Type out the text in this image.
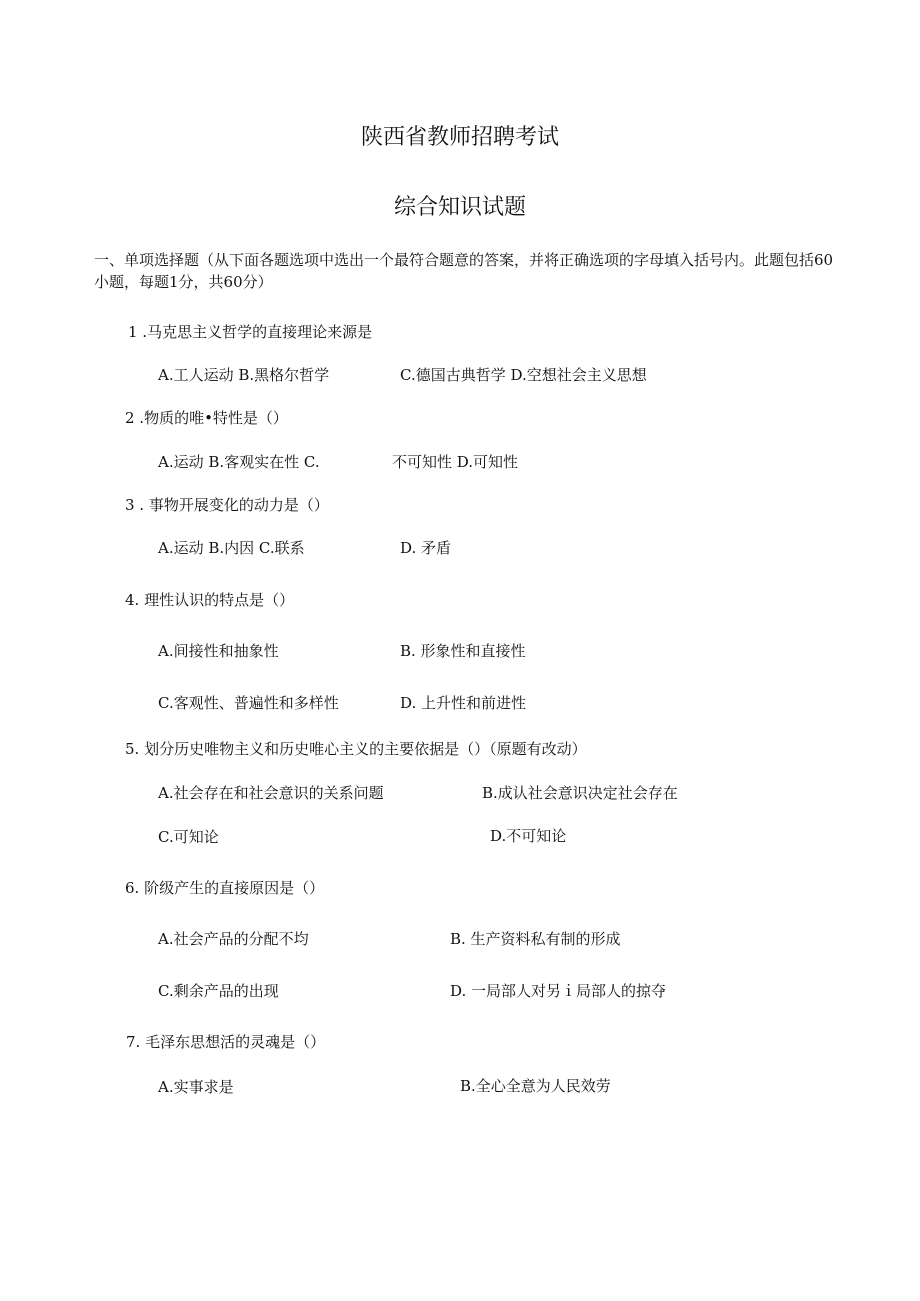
陕西省教师招聘考试
综合知识试题
一、单项选择题（从下面各题选项中选出一个最符合题意的答案，并将正确选项的字母填入括号内。此题包括60小题，每题1分，共60分）
1 .马克思主义哲学的直接理论来源是
A.工人运动 B.黑格尔哲学	C.德国古典哲学 D.空想社会主义思想
2 .物质的唯•特性是（）
A.运动 B.客观实在性 C.	不可知性 D.可知性
3 . 事物开展变化的动力是（）
A.运动 B.内因 C.联系	D. 矛盾
4. 理性认识的特点是（）
A.间接性和抽象性	B. 形象性和直接性
C.客观性、普遍性和多样性	D. 上升性和前进性
5. 划分历史唯物主义和历史唯心主义的主要依据是（）（原题有改动）
A.社会存在和社会意识的关系问题	B.成认社会意识决定社会存在
C.可知论	D.不可知论
6. 阶级产生的直接原因是（）
A.社会产品的分配不均	B. 生产资料私有制的形成
C.剩余产品的出现	D. 一局部人对另ｉ局部人的掠夺
7. 毛泽东思想活的灵魂是（）
A.实事求是	B.全心全意为人民效劳
